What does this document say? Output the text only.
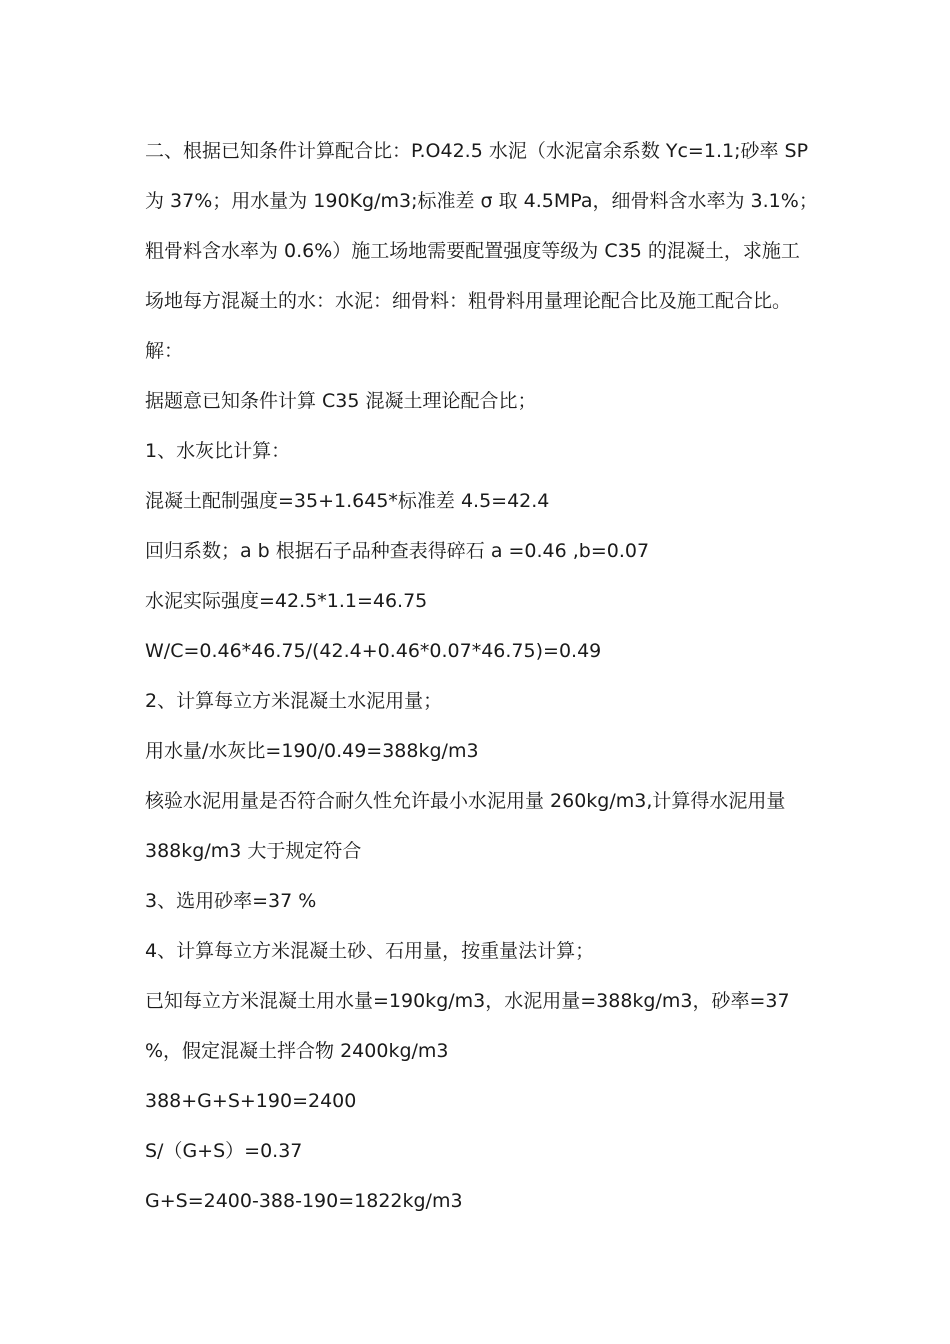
二、根据已知条件计算配合比：P.O42.5 水泥（水泥富余系数 Yc=1.1;砂率 SP
为 37%；用水量为 190Kg/m3;标准差 σ 取 4.5MPa，细骨料含水率为 3.1%；
粗骨料含水率为 0.6%）施工场地需要配置强度等级为 C35 的混凝土，求施工
场地每方混凝土的水：水泥：细骨料：粗骨料用量理论配合比及施工配合比。
解：
据题意已知条件计算 C35 混凝土理论配合比；
1、水灰比计算：
混凝土配制强度=35+1.645*标准差 4.5=42.4
回归系数；a b 根据石子品种查表得碎石 a =0.46 ,b=0.07
水泥实际强度=42.5*1.1=46.75
W/C=0.46*46.75/(42.4+0.46*0.07*46.75)=0.49
2、计算每立方米混凝土水泥用量；
用水量/水灰比=190/0.49=388kg/m3
核验水泥用量是否符合耐久性允许最小水泥用量 260kg/m3,计算得水泥用量
388kg/m3 大于规定符合
3、选用砂率=37 %
4、计算每立方米混凝土砂、石用量，按重量法计算；
已知每立方米混凝土用水量=190kg/m3，水泥用量=388kg/m3，砂率=37
%，假定混凝土拌合物 2400kg/m3
388+G+S+190=2400
S/（G+S）=0.37
G+S=2400-388-190=1822kg/m3
